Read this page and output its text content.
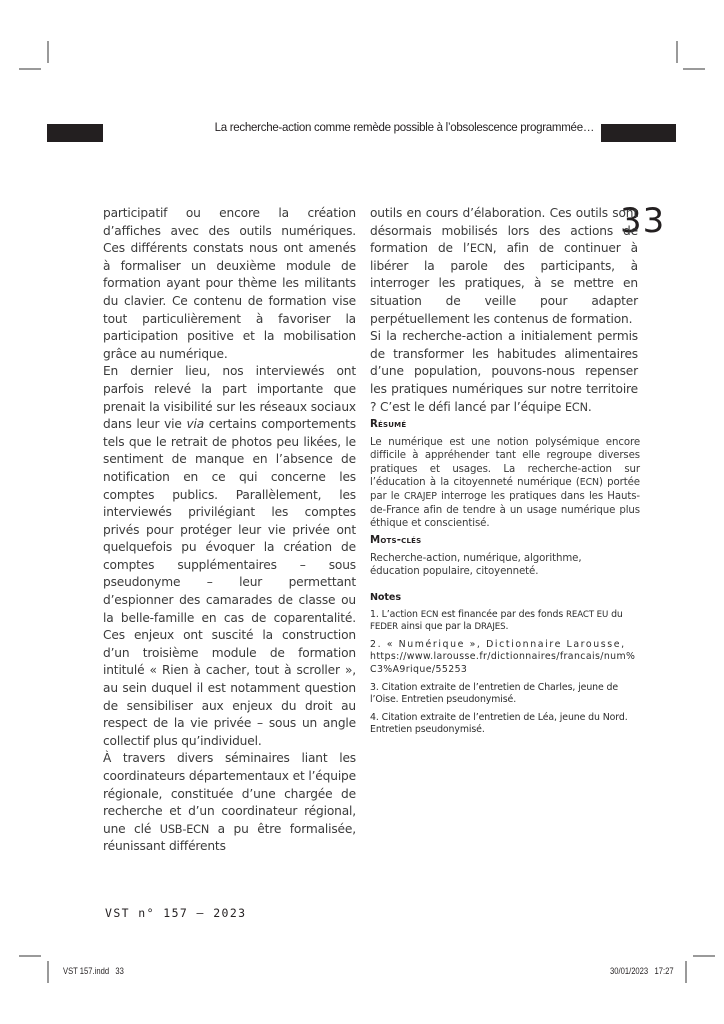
La recherche-action comme remède possible à l’obsolescence programmée…
33

participatif ou encore la création d’affiches avec des outils numériques. Ces différents constats nous ont amenés à formaliser un deuxième module de formation ayant pour thème les militants du clavier. Ce contenu de formation vise tout particulièrement à favoriser la participation positive et la mobilisation grâce au numérique.

En dernier lieu, nos interviewés ont parfois relevé la part importante que prenait la visibilité sur les réseaux sociaux dans leur vie via certains comportements tels que le retrait de photos peu likées, le sentiment de manque en l’absence de notification en ce qui concerne les comptes publics. Parallèlement, les interviewés privilégiant les comptes privés pour protéger leur vie privée ont quelquefois pu évoquer la création de comptes supplémentaires – sous pseudonyme – leur permettant d’espionner des camarades de classe ou la belle-famille en cas de coparentalité. Ces enjeux ont suscité la construction d’un troisième module de formation intitulé « Rien à cacher, tout à scroller », au sein duquel il est notamment question de sensibiliser aux enjeux du droit au respect de la vie privée – sous un angle collectif plus qu’individuel.

À travers divers séminaires liant les coordinateurs départementaux et l’équipe régionale, constituée d’une chargée de recherche et d’un coordinateur régional, une clé USB-ECN a pu être formalisée, réunissant différents

outils en cours d’élaboration. Ces outils sont désormais mobilisés lors des actions de formation de l’ECN, afin de continuer à libérer la parole des participants, à interroger les pratiques, à se mettre en situation de veille pour adapter perpétuellement les contenus de formation.

Si la recherche-action a initialement permis de transformer les habitudes alimentaires d’une population, pouvons-nous repenser les pratiques numériques sur notre territoire ? C’est le défi lancé par l’équipe ECN.

Résumé

Le numérique est une notion polysémique encore difficile à appréhender tant elle regroupe diverses pratiques et usages. La recherche-action sur l’éducation à la citoyenneté numérique (ECN) portée par le CRAJEP interroge les pratiques dans les Hauts-de-France afin de tendre à un usage numérique plus éthique et conscientisé.

Mots-clés

Recherche-action, numérique, algorithme, éducation populaire, citoyenneté.

Notes

1. L’action ECN est financée par des fonds REACT EU du FEDER ainsi que par la DRAJES.

2. « Numérique », Dictionnaire Larousse,
https://www.larousse.fr/dictionnaires/francais/num%C3%A9rique/55253

3. Citation extraite de l’entretien de Charles, jeune de l’Oise. Entretien pseudonymisé.

4. Citation extraite de l’entretien de Léa, jeune du Nord. Entretien pseudonymisé.

VST n° 157 – 2023
VST 157.indd   33	30/01/2023   17:27
